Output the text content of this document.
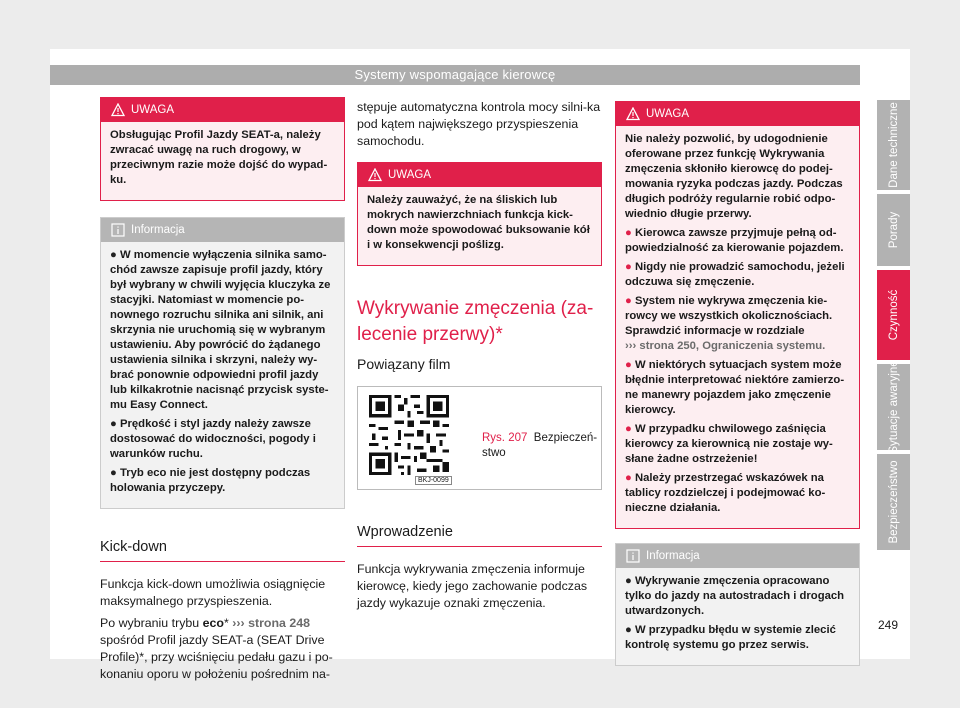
Systemy wspomagające kierowcę
UWAGA

Obsługując Profil Jazdy SEAT-a, należy zwracać uwagę na ruch drogowy, w przeciwnym razie może dojść do wypad-ku.

Informacja

● W momencie wyłączenia silnika samo-chód zawsze zapisuje profil jazdy, który był wybrany w chwili wyjęcia kluczyka ze stacyjki. Natomiast w momencie po-nownego rozruchu silnika ani silnik, ani skrzynia nie uruchomią się w wybranym ustawieniu. Aby powrócić do żądanego ustawienia silnika i skrzyni, należy wy-brać ponownie odpowiedni profil jazdy lub kilkakrotnie nacisnąć przycisk syste-mu Easy Connect.

● Prędkość i styl jazdy należy zawsze dostosować do widoczności, pogody i warunków ruchu.

● Tryb eco nie jest dostępny podczas holowania przyczepy.

Kick-down

Funkcja kick-down umożliwia osiągnięcie maksymalnego przyspieszenia.

Po wybraniu trybu eco* ››› strona 248 spośród Profil jazdy SEAT-a (SEAT Drive Profile)*, przy wciśnięciu pedału gazu i po-konaniu oporu w położeniu pośrednim na-

stępuje automatyczna kontrola mocy silni-ka pod kątem największego przyspieszenia samochodu.

UWAGA

Należy zauważyć, że na śliskich lub mokrych nawierzchniach funkcja kick-down może spowodować buksowanie kół i w konsekwencji poślizg.

Wykrywanie zmęczenia (za-lecenie przerwy)*

Powiązany film

BKJ-0099
Rys. 207 Bezpieczeń-stwo
Wprowadzenie

Funkcja wykrywania zmęczenia informuje kierowcę, kiedy jego zachowanie podczas jazdy wykazuje oznaki zmęczenia.

UWAGA

Nie należy pozwolić, by udogodnienie oferowane przez funkcję Wykrywania zmęczenia skłoniło kierowcę do podej-mowania ryzyka podczas jazdy. Podczas długich podróży regularnie robić odpo-wiednio długie przerwy.

● Kierowca zawsze przyjmuje pełną od-powiedzialność za kierowanie pojazdem.

● Nigdy nie prowadzić samochodu, jeżeli odczuwa się zmęczenie.

● System nie wykrywa zmęczenia kie-rowcy we wszystkich okolicznościach. Sprawdzić informacje w rozdziale
››› strona 250, Ograniczenia systemu.

● W niektórych sytuacjach system może błędnie interpretować niektóre zamierzo-ne manewry pojazdem jako zmęczenie kierowcy.

● W przypadku chwilowego zaśnięcia kierowcy za kierownicą nie zostaje wy-słane żadne ostrzeżenie!

● Należy przestrzegać wskazówek na tablicy rozdzielczej i podejmować ko-nieczne działania.

Informacja

● Wykrywanie zmęczenia opracowano tylko do jazdy na autostradach i drogach utwardzonych.

● W przypadku błędu w systemie zlecić kontrolę systemu go przez serwis.

Dane techniczne
Porady
Czynność
Sytuacje awaryjne
Bezpieczeństwo
249
